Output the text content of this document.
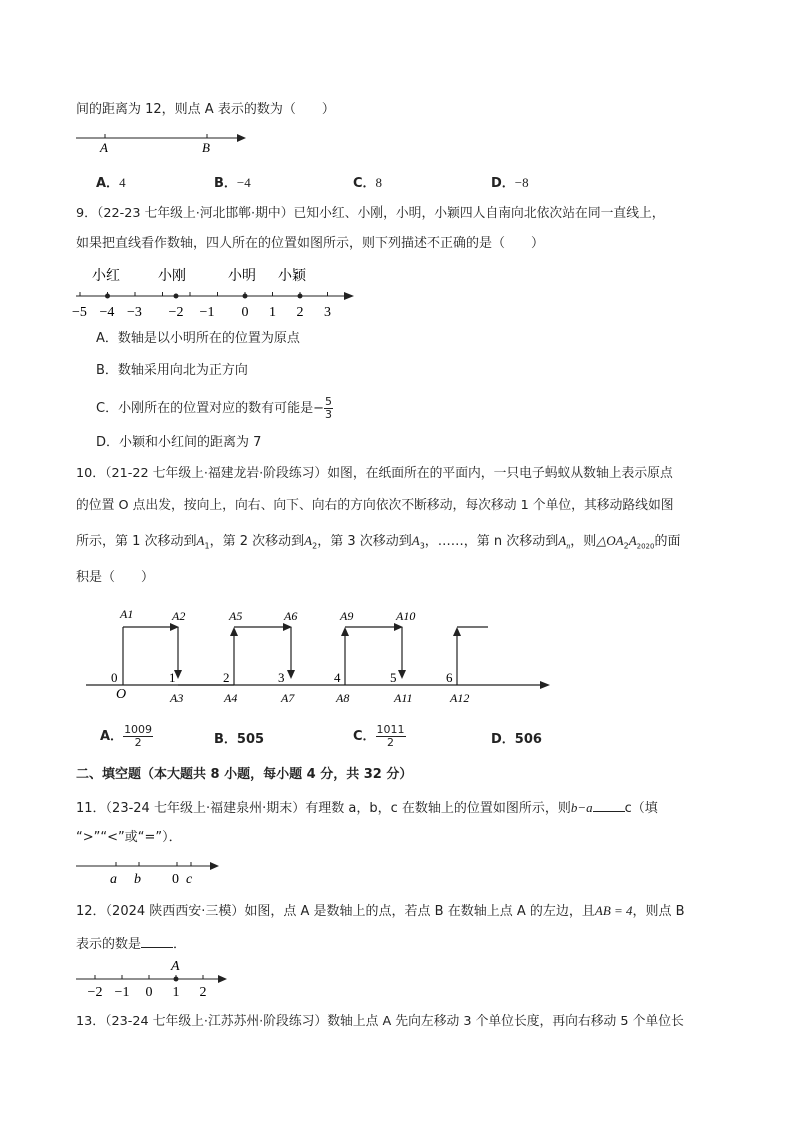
间的距离为 12，则点 A 表示的数为（　　）
A	B
A．4	B．−4	C．8	D．−8
9．（22-23 七年级上·河北邯郸·期中）已知小红、小刚，小明，小颖四人自南向北依次站在同一直线上，
如果把直线看作数轴，四人所在的位置如图所示，则下列描述不正确的是（　　）
小红	小刚	小明 小颖
−5 −4 −3 −2 −1 0 1 2 3
A．数轴是以小明所在的位置为原点
B．数轴采用向北为正方向
C．小刚所在的位置对应的数有可能是− $\frac{5}{3}$
D．小颖和小红间的距离为 7
10．（21-22 七年级上·福建龙岩·阶段练习）如图，在纸面所在的平面内，一只电子蚂蚁从数轴上表示原点
的位置 O 点出发，按向上，向右、向下、向右的方向依次不断移动，每次移动 1 个单位，其移动路线如图
所示，第 1 次移动到$A_1$，第 2 次移动到$A_2$，第 3 次移动到$A_3$，……，第 n 次移动到$A_n$，则$\triangle OA_2A_{2020}$的面
积是（　　）
A1	A2	A5	A6	A9	A10
0	1	2	3	4	5	6
O	A3	A4	A7	A8	A11	A12
A． $\frac{1009}{2}$	B．505	C． $\frac{1011}{2}$	D．506
二、填空题（本大题共 8 小题，每小题 4 分，共 32 分）
11．（23-24 七年级上·福建泉州·期末）有理数 a，b，c 在数轴上的位置如图所示，则b−a c（填
“>”“<”或“=”）．
a b 0 c
12．（2024 陕西西安·三模）如图，点 A 是数轴上的点，若点 B 在数轴上点 A 的左边，且AB = 4，则点 B
表示的数是 ．
A
−2 −1 0 1 2
13．（23-24 七年级上·江苏苏州·阶段练习）数轴上点 A 先向左移动 3 个单位长度，再向右移动 5 个单位长
